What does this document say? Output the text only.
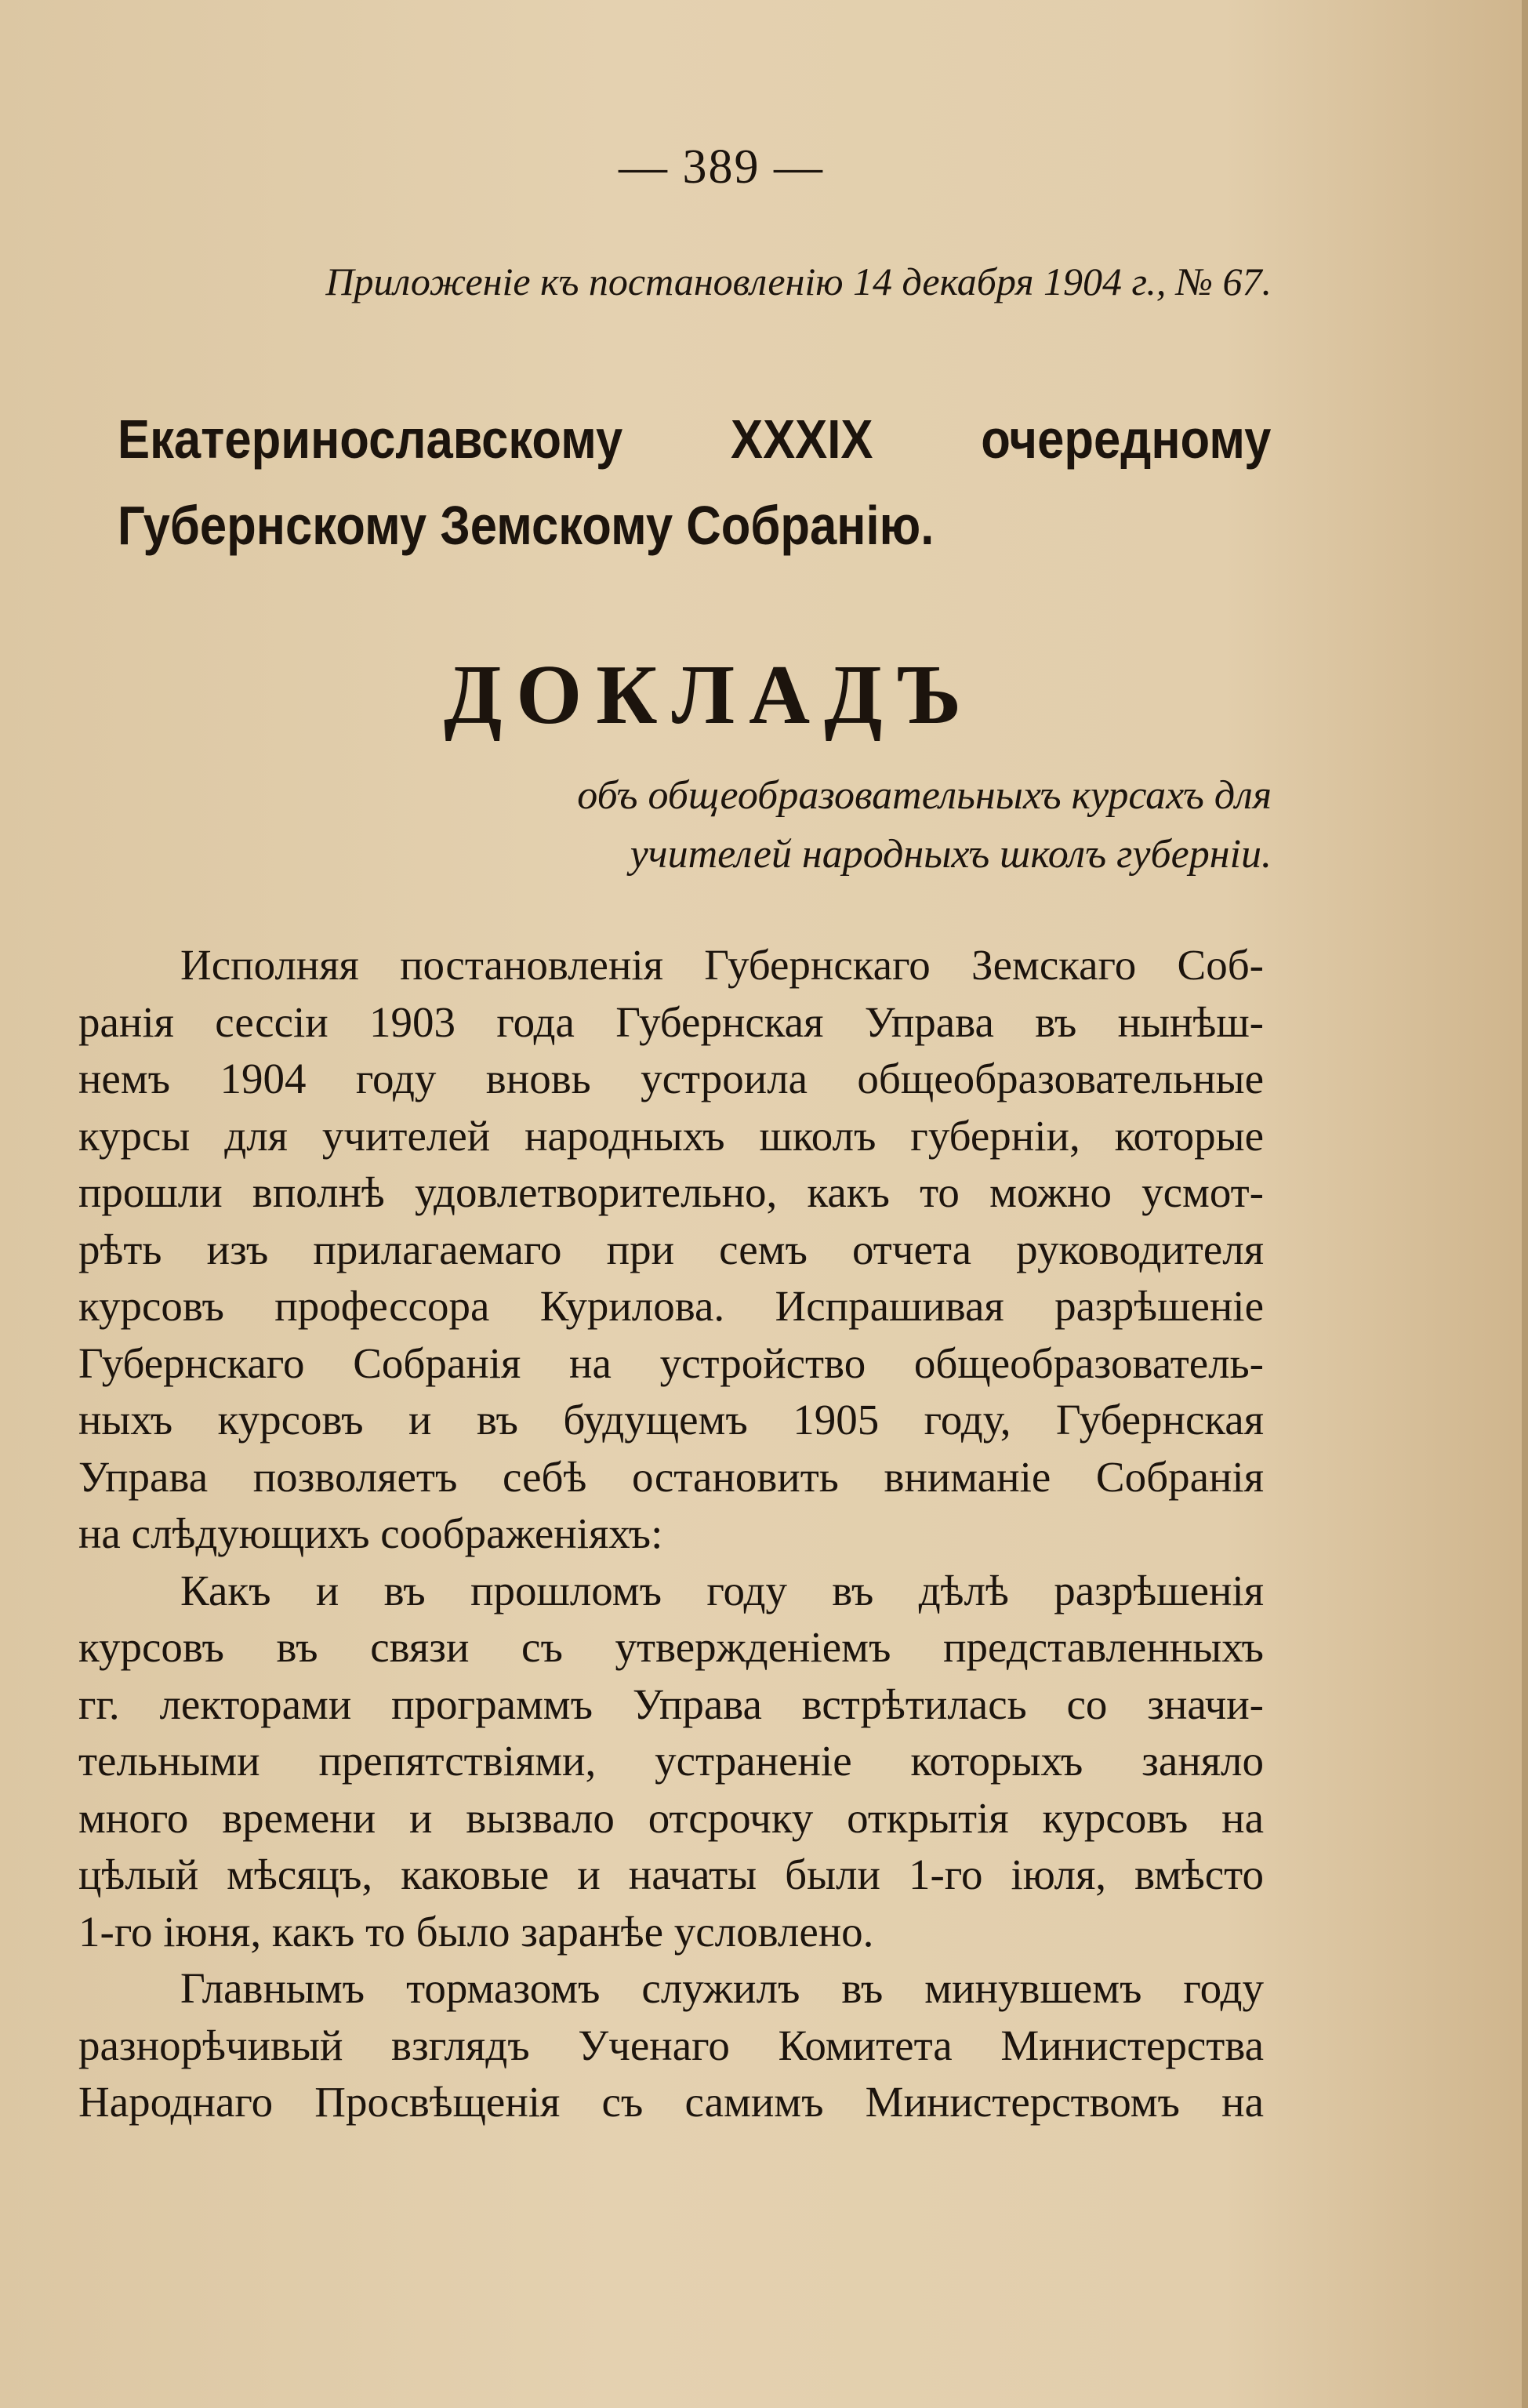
— 389 —
Приложеніе къ постановленію 14 декабря 1904 г., № 67.
Екатеринославскому XXXIX очередному
Губернскому Земскому Собранію.
ДОКЛАДЪ
объ общеобразовательныхъ курсахъ для
учителей народныхъ школъ губерніи.
Исполняя постановленія Губернскаго Земскаго Соб-
ранія сессіи 1903 года Губернская Управа въ нынѣш-
немъ 1904 году вновь устроила общеобразовательные
курсы для учителей народныхъ школъ губерніи, которые
прошли вполнѣ удовлетворительно, какъ то можно усмот-
рѣть изъ прилагаемаго при семъ отчета руководителя
курсовъ профессора Курилова. Испрашивая разрѣшеніе
Губернскаго Собранія на устройство общеобразователь-
ныхъ курсовъ и въ будущемъ 1905 году, Губернская
Управа позволяетъ себѣ остановить вниманіе Собранія
на слѣдующихъ соображеніяхъ:
Какъ и въ прошломъ году въ дѣлѣ разрѣшенія
курсовъ въ связи съ утвержденіемъ представленныхъ
гг. лекторами программъ Управа встрѣтилась со значи-
тельными препятствіями, устраненіе которыхъ заняло
много времени и вызвало отсрочку открытія курсовъ на
цѣлый мѣсяцъ, каковые и начаты были 1-го іюля, вмѣсто
1-го іюня, какъ то было заранѣе условлено.
Главнымъ тормазомъ служилъ въ минувшемъ году
разнорѣчивый взглядъ Ученаго Комитета Министерства
Народнаго Просвѣщенія съ самимъ Министерствомъ на
